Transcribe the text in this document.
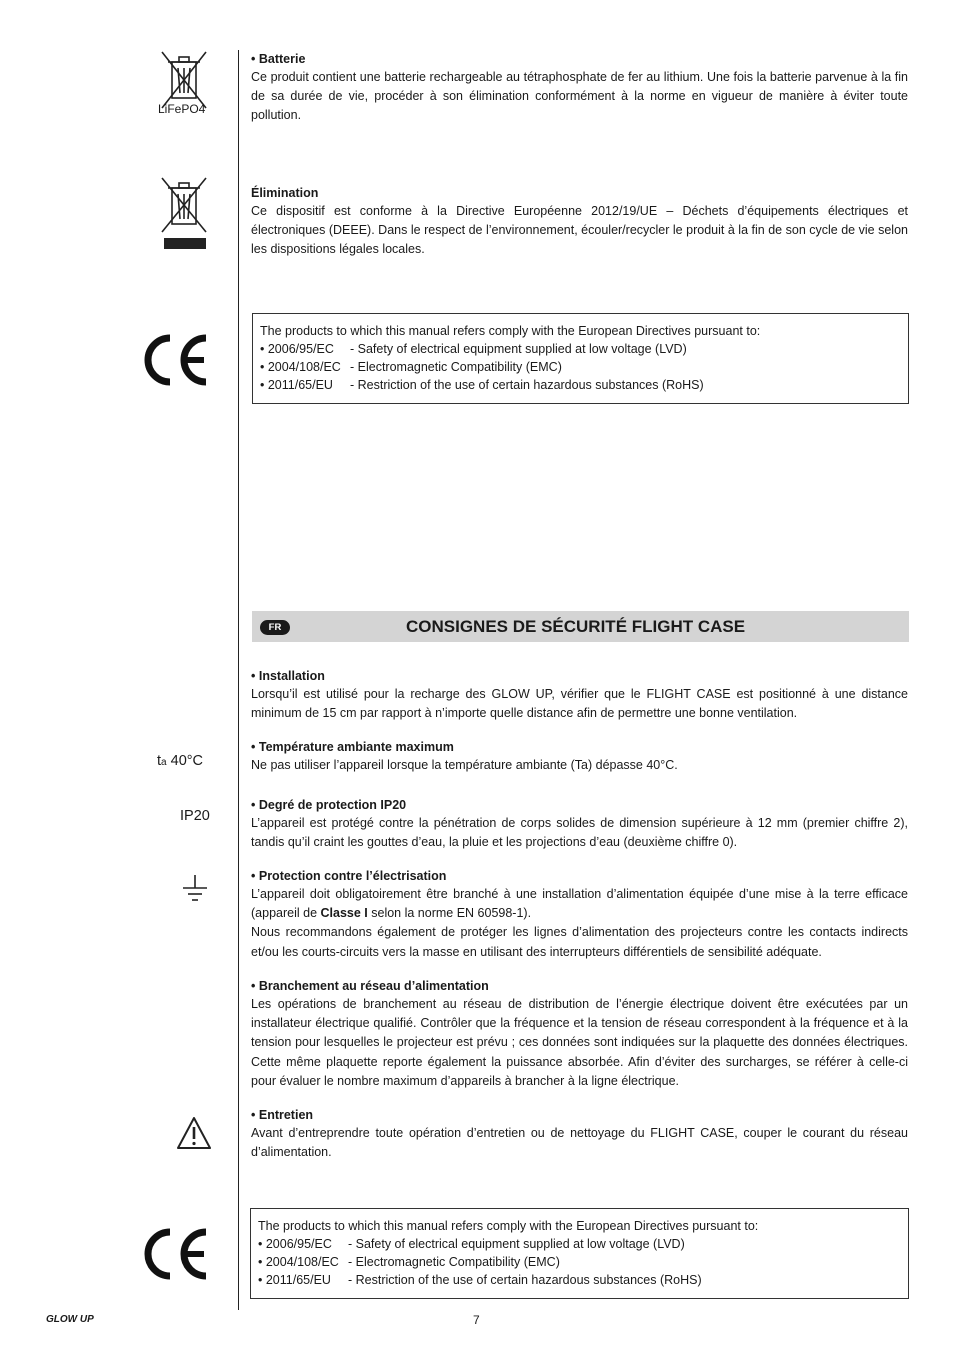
LiFePO4
• Batterie
Ce produit contient une batterie rechargeable au tétraphosphate de fer au lithium. Une fois la batterie parvenue à la fin de sa durée de vie, procéder à son élimination conformément à la norme en vigueur de manière à éviter toute pollution.
Élimination
Ce dispositif est conforme à la Directive Européenne 2012/19/UE – Déchets d’équipements électriques et électroniques (DEEE). Dans le respect de l’environnement, écouler/recycler le produit à la fin de son cycle de vie selon les dispositions légales locales.
The products to which this manual refers comply with the European Directives pursuant to:
• 2006/95/EC	- Safety of electrical equipment supplied at low voltage (LVD)
• 2004/108/EC - Electromagnetic Compatibility (EMC)
• 2011/65/EU	- Restriction of the use of certain hazardous substances (RoHS)
FR	CONSIGNES DE SÉCURITÉ FLIGHT CASE
• Installation
Lorsqu’il est utilisé pour la recharge des GLOW UP, vérifier que le FLIGHT CASE est positionné à une distance minimum de 15 cm par rapport à n’importe quelle distance afin de permettre une bonne ventilation.
ta 40°C
• Température ambiante maximum
Ne pas utiliser l’appareil lorsque la température ambiante (Ta) dépasse 40°C.
IP20
• Degré de protection IP20
L’appareil est protégé contre la pénétration de corps solides de dimension supérieure à 12 mm (premier chiffre 2), tandis qu’il craint les gouttes d’eau, la pluie et les projections d’eau (deuxième chiffre 0).
• Protection contre l’électrisation
L’appareil doit obligatoirement être branché à une installation d’alimentation équipée d’une mise à la terre efficace (appareil de Classe I selon la norme EN 60598-1).
Nous recommandons également de protéger les lignes d’alimentation des projecteurs contre les contacts indirects et/ou les courts-circuits vers la masse en utilisant des interrupteurs différentiels de sensibilité adéquate.
• Branchement au réseau d’alimentation
Les opérations de branchement au réseau de distribution de l’énergie électrique doivent être exécutées par un installateur électrique qualifié. Contrôler que la fréquence et la tension de réseau correspondent à la fréquence et à la tension pour lesquelles le projecteur est prévu ; ces données sont indiquées sur la plaquette des données électriques. Cette même plaquette reporte également la puissance absorbée. Afin d’éviter des surcharges, se référer à celle-ci pour évaluer le nombre maximum d’appareils à brancher à la ligne électrique.
• Entretien
Avant d’entreprendre toute opération d’entretien ou de nettoyage du FLIGHT CASE, couper le courant du réseau d’alimentation.
The products to which this manual refers comply with the European Directives pursuant to:
• 2006/95/EC	- Safety of electrical equipment supplied at low voltage (LVD)
• 2004/108/EC - Electromagnetic Compatibility (EMC)
• 2011/65/EU	- Restriction of the use of certain hazardous substances (RoHS)
GLOW UP	7
